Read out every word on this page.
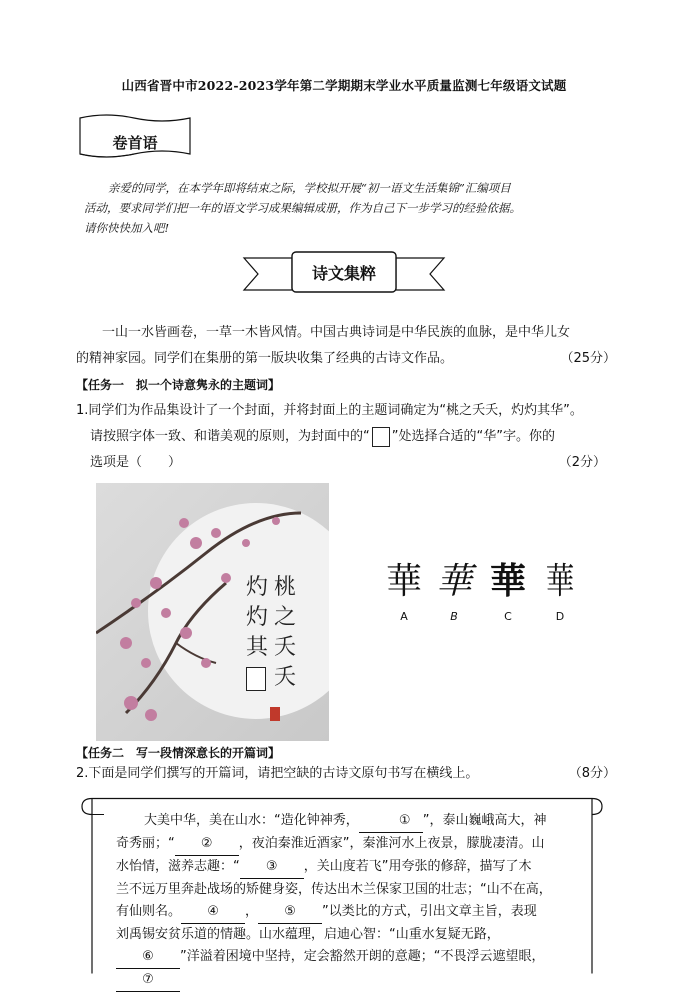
山西省晋中市2022-2023学年第二学期期末学业水平质量监测七年级语文试题
卷首语

亲爱的同学，在本学年即将结束之际，学校拟开展“初一语文生活集锦”汇编项目

活动，要求同学们把一年的语文学习成果编辑成册，作为自己下一步学习的经验依据。

请你快快加入吧!

诗文集粹
一山一水皆画卷，一草一木皆风情。中国古典诗词是中华民族的血脉，是中华儿女
的精神家园。同学们在集册的第一版块收集了经典的古诗文作品。	（25分）
【任务一　拟一个诗意隽永的主题词】
1.同学们为作品集设计了一个封面，并将封面上的主题词确定为“桃之夭夭，灼灼其华”。
请按照字体一致、和谐美观的原则，为封面中的“ ”处选择合适的“华”字。你的
选项是（　　）	（2分）
桃
之
夭
夭
灼
灼
其
華
A
華
B
華
C
華
D
【任务二　写一段情深意长的开篇词】
2.下面是同学们撰写的开篇词，请把空缺的古诗文原句书写在横线上。	（8分）

大美中华，美在山水：“造化钟神秀，	① ”，泰山巍峨高大，神

奇秀丽；“ ② ，夜泊秦淮近酒家”，秦淮河水上夜景，朦胧凄清。山
水怡情，滋养志趣：“ ③ ，关山度若飞”用夸张的修辞，描写了木
兰不远万里奔赴战场的矫健身姿，传达出木兰保家卫国的壮志；“山不在高，
有仙则名。 ④ ， ⑤ ”以类比的方式，引出文章主旨，表现
刘禹锡安贫乐道的情趣。山水蕴理，启迪心智：“山重水复疑无路，
⑥ ”洋溢着困境中坚持，定会豁然开朗的意趣；“不畏浮云遮望眼，
⑦
